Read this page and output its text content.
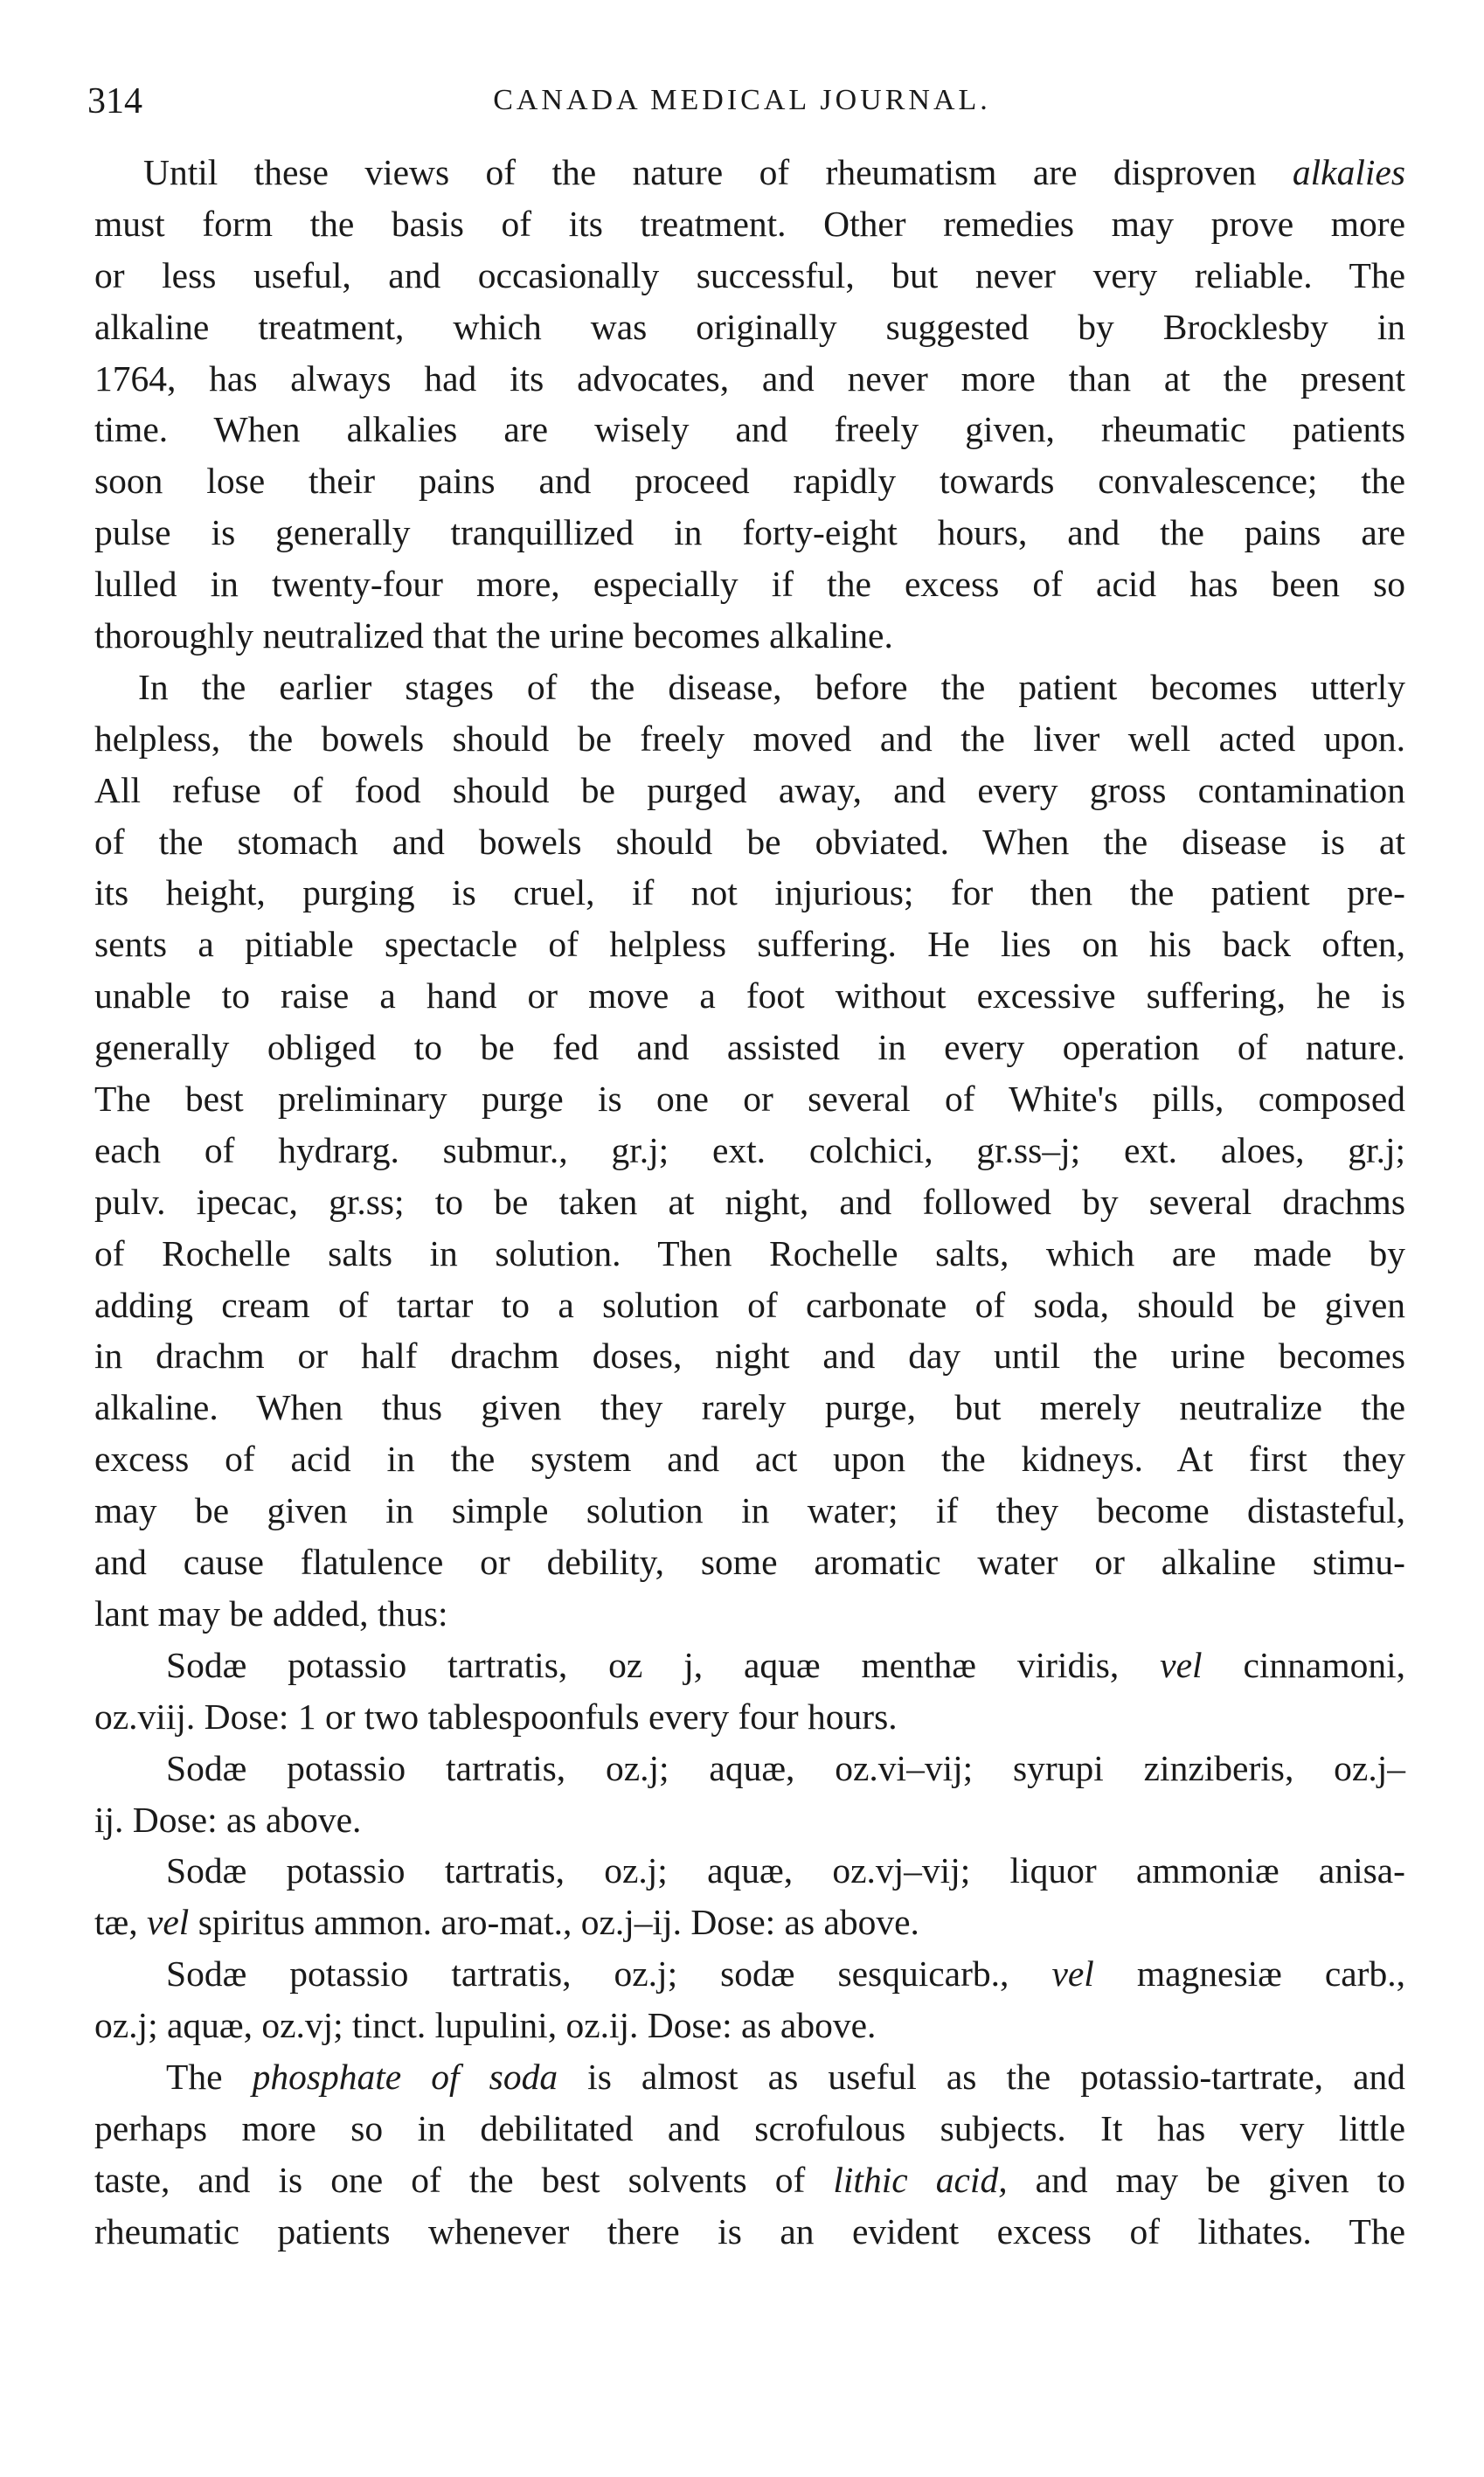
314	CANADA MEDICAL JOURNAL.
Until these views of the nature of rheumatism are disproven alkalies
must form the basis of its treatment. Other remedies may prove more
or less useful, and occasionally successful, but never very reliable. The
alkaline treatment, which was originally suggested by Brocklesby in
1764, has always had its advocates, and never more than at the present
time. When alkalies are wisely and freely given, rheumatic patients
soon lose their pains and proceed rapidly towards convalescence; the
pulse is generally tranquillized in forty-eight hours, and the pains are
lulled in twenty-four more, especially if the excess of acid has been so
thoroughly neutralized that the urine becomes alkaline.
In the earlier stages of the disease, before the patient becomes utterly
helpless, the bowels should be freely moved and the liver well acted upon.
All refuse of food should be purged away, and every gross contamination
of the stomach and bowels should be obviated. When the disease is at
its height, purging is cruel, if not injurious; for then the patient pre-
sents a pitiable spectacle of helpless suffering. He lies on his back often,
unable to raise a hand or move a foot without excessive suffering, he is
generally obliged to be fed and assisted in every operation of nature.
The best preliminary purge is one or several of White's pills, composed
each of hydrarg. submur., gr.j; ext. colchici, gr.ss–j; ext. aloes, gr.j;
pulv. ipecac, gr.ss; to be taken at night, and followed by several drachms
of Rochelle salts in solution. Then Rochelle salts, which are made by
adding cream of tartar to a solution of carbonate of soda, should be given
in drachm or half drachm doses, night and day until the urine becomes
alkaline. When thus given they rarely purge, but merely neutralize the
excess of acid in the system and act upon the kidneys. At first they
may be given in simple solution in water; if they become distasteful,
and cause flatulence or debility, some aromatic water or alkaline stimu-
lant may be added, thus:
Sodæ potassio tartratis, oz j, aquæ menthæ viridis, vel cinnamoni,
oz.viij. Dose: 1 or two tablespoonfuls every four hours.
Sodæ potassio tartratis, oz.j; aquæ, oz.vi–vij; syrupi zinziberis, oz.j–
ij. Dose: as above.
Sodæ potassio tartratis, oz.j; aquæ, oz.vj–vij; liquor ammoniæ anisa-
tæ, vel spiritus ammon. aro-mat., oz.j–ij. Dose: as above.
Sodæ potassio tartratis, oz.j; sodæ sesquicarb., vel magnesiæ carb.,
oz.j; aquæ, oz.vj; tinct. lupulini, oz.ij. Dose: as above.
The phosphate of soda is almost as useful as the potassio-tartrate, and
perhaps more so in debilitated and scrofulous subjects. It has very little
taste, and is one of the best solvents of lithic acid, and may be given to
rheumatic patients whenever there is an evident excess of lithates. The
